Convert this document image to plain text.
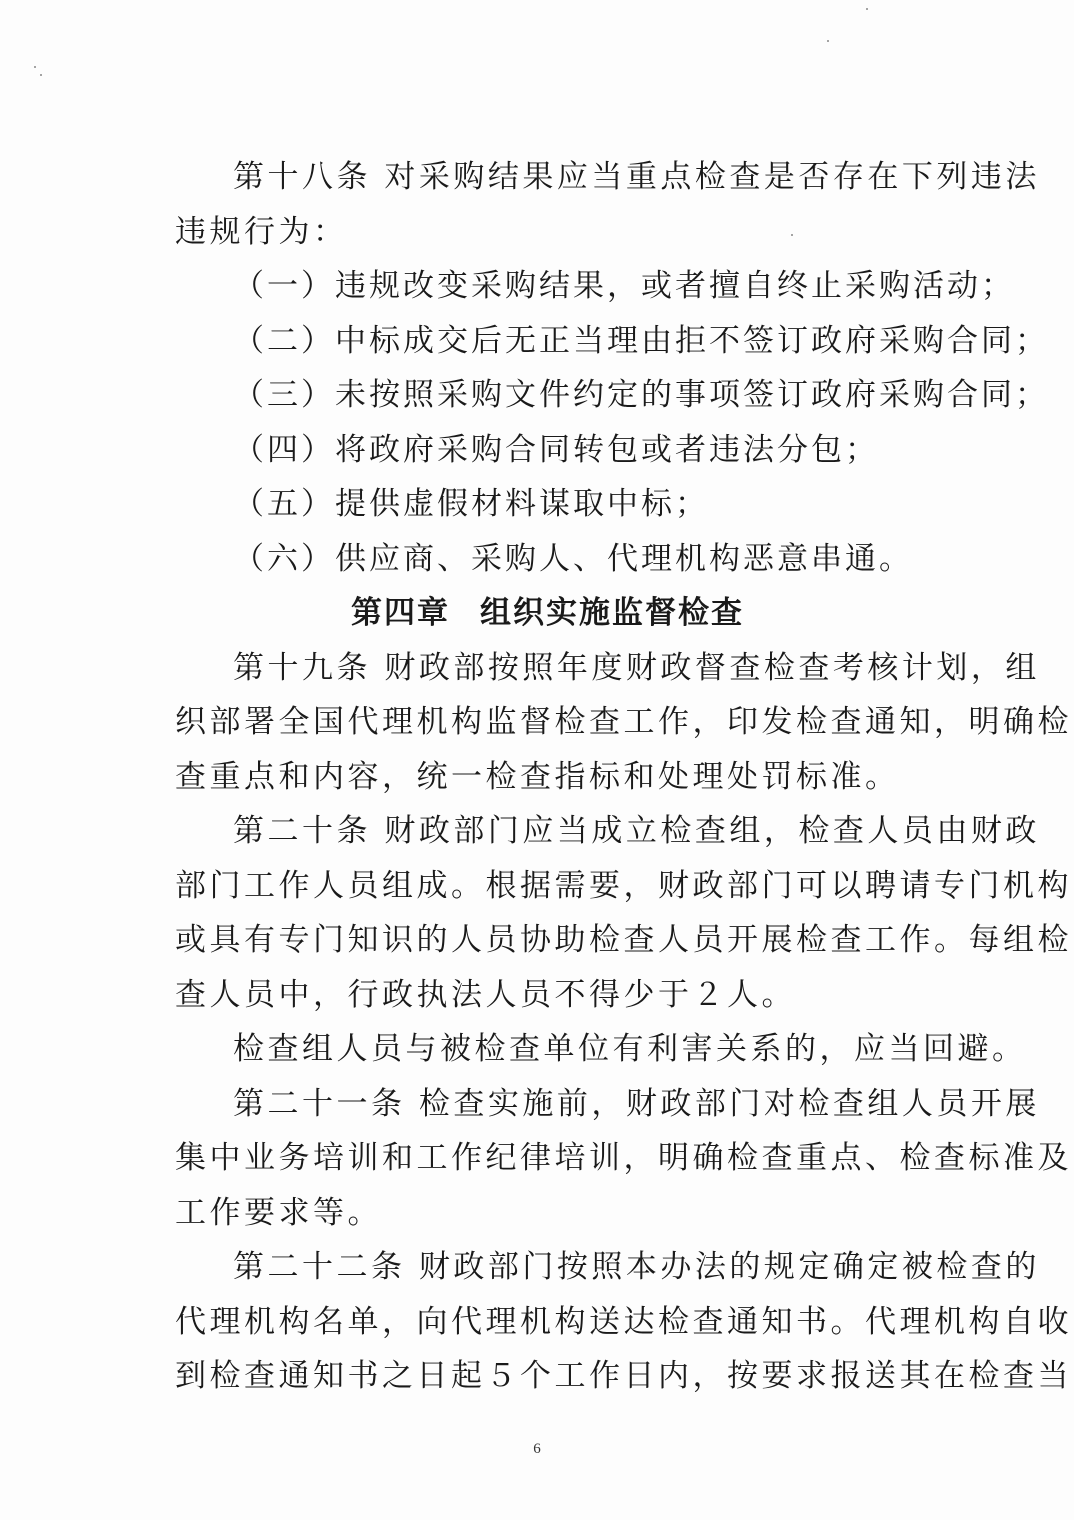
第十八条 对采购结果应当重点检查是否存在下列违法
违规行为：
（一）违规改变采购结果，或者擅自终止采购活动；
（二）中标成交后无正当理由拒不签订政府采购合同；
（三）未按照采购文件约定的事项签订政府采购合同；
（四）将政府采购合同转包或者违法分包；
（五）提供虚假材料谋取中标；
（六）供应商、采购人、代理机构恶意串通。
第四章 组织实施监督检查
第十九条 财政部按照年度财政督查检查考核计划，组
织部署全国代理机构监督检查工作，印发检查通知，明确检
查重点和内容，统一检查指标和处理处罚标准。
第二十条 财政部门应当成立检查组，检查人员由财政
部门工作人员组成。根据需要，财政部门可以聘请专门机构
或具有专门知识的人员协助检查人员开展检查工作。每组检
查人员中，行政执法人员不得少于２人。
检查组人员与被检查单位有利害关系的，应当回避。
第二十一条 检查实施前，财政部门对检查组人员开展
集中业务培训和工作纪律培训，明确检查重点、检查标准及
工作要求等。
第二十二条 财政部门按照本办法的规定确定被检查的
代理机构名单，向代理机构送达检查通知书。代理机构自收
到检查通知书之日起５个工作日内，按要求报送其在检查当
6
